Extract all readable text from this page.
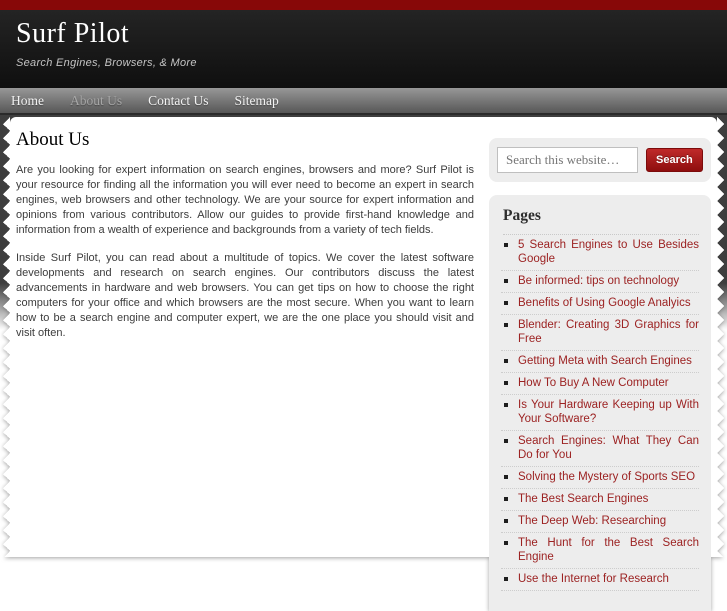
Surf Pilot
Search Engines, Browsers, & More
Home About Us Contact Us Sitemap
About Us

Are you looking for expert information on search engines, browsers and more? Surf Pilot is your resource for finding all the information you will ever need to become an expert in search engines, web browsers and other technology. We are your source for expert information and opinions from various contributors. Allow our guides to provide first-hand knowledge and information from a wealth of experience and backgrounds from a variety of tech fields.

Inside Surf Pilot, you can read about a multitude of topics. We cover the latest software developments and research on search engines. Our contributors discuss the latest advancements in hardware and web browsers. You can get tips on how to choose the right computers for your office and which browsers are the most secure. When you want to learn how to be a search engine and computer expert, we are the one place you should visit and visit often.

Search this website…
Search
Pages
5 Search Engines to Use Besides Google
Be informed: tips on technology
Benefits of Using Google Analyics
Blender: Creating 3D Graphics for Free
Getting Meta with Search Engines
How To Buy A New Computer
Is Your Hardware Keeping up With Your Software?
Search Engines: What They Can Do for You
Solving the Mystery of Sports SEO
The Best Search Engines
The Deep Web: Researching
The Hunt for the Best Search Engine
Use the Internet for Research
